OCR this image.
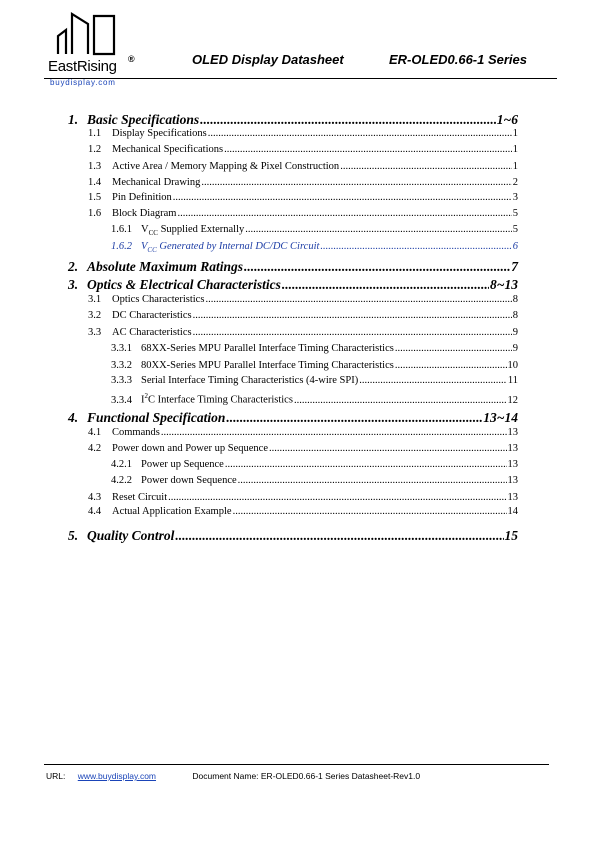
EastRising ®
buydisplay.com
OLED Display Datasheet	ER-OLED0.66-1 Series
1. Basic Specifications .....	1~6
1.1	Display Specifications .....	1
1.2	Mechanical Specifications .....	1
1.3	Active Area / Memory Mapping & Pixel Construction .....	1
1.4	Mechanical Drawing .....	2
1.5	Pin Definition .....	3
1.6	Block Diagram .....	5
1.6.1 $V_{CC}$ Supplied Externally .....	5
1.6.2 $V_{CC}$ Generated by Internal DC/DC Circuit .....	6
2. Absolute Maximum Ratings .....	7
3. Optics & Electrical Characteristics .....	8~13
3.1	Optics Characteristics .....	8
3.2	DC Characteristics .....	8
3.3	AC Characteristics .....	9
3.3.1 68XX-Series MPU Parallel Interface Timing Characteristics .....	9
3.3.2 80XX-Series MPU Parallel Interface Timing Characteristics .....	10
3.3.3 Serial Interface Timing Characteristics (4-wire SPI) .....	11
3.3.4 $I^2C$ Interface Timing Characteristics .....	12
4. Functional Specification .....	13~14
4.1	Commands .....	13
4.2	Power down and Power up Sequence .....	13
4.2.1 Power up Sequence .....	13
4.2.2 Power down Sequence .....	13
4.3	Reset Circuit .....	13
4.4	Actual Application Example .....	14
5. Quality Control .....	15
URL: www.buydisplay.com	Document Name: ER-OLED0.66-1 Series Datasheet-Rev1.0
